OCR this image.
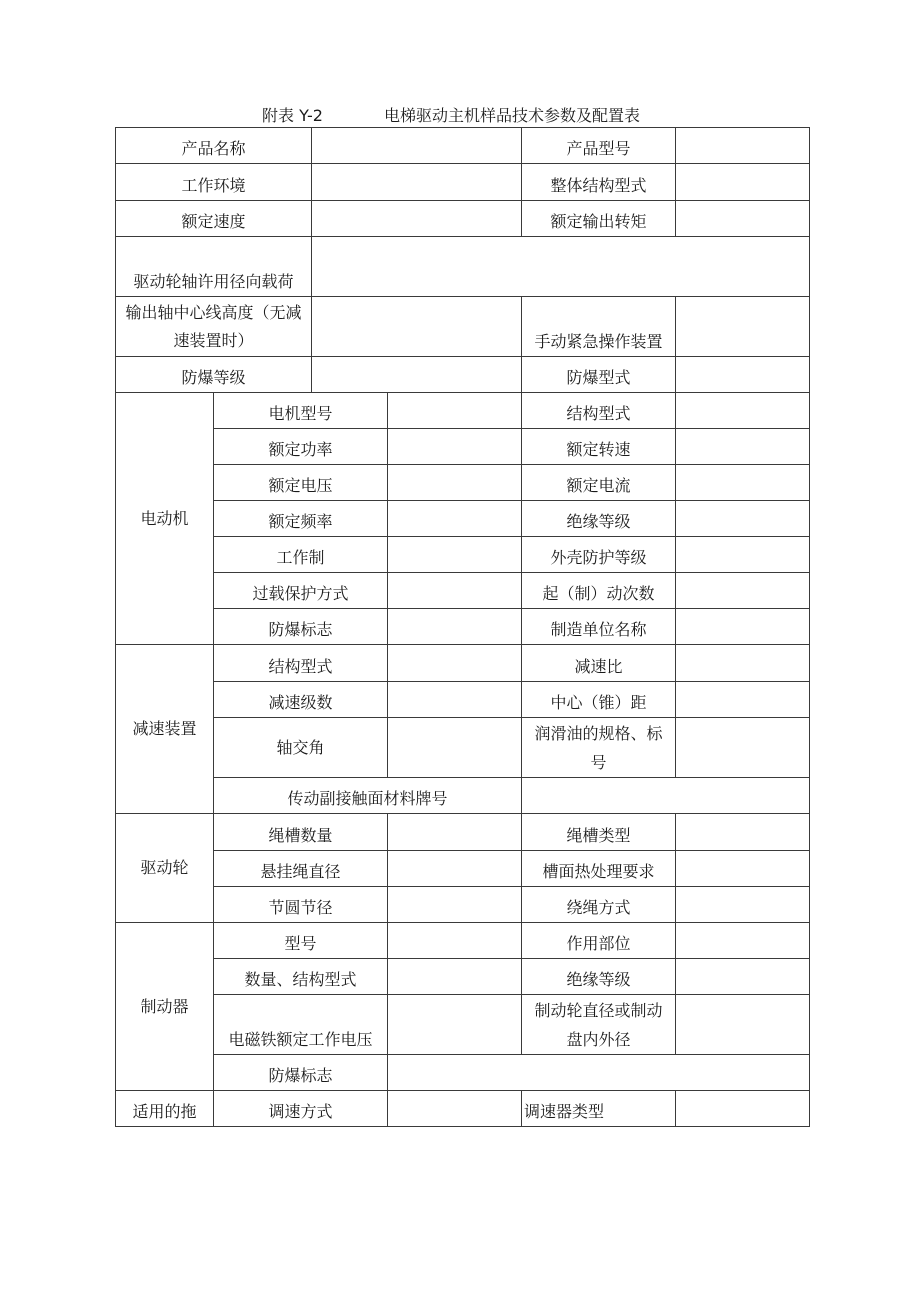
附表 Y-2	电梯驱动主机样品技术参数及配置表
产品名称				产品型号	
工作环境				整体结构型式	
额定速度				额定输出转矩	
驱动轮轴许用径向载荷					
输出轴中心线高度（无减速装置时）				手动紧急操作装置	
防爆等级				防爆型式	
电动机	电机型号			结构型式	
	额定功率			额定转速	
	额定电压			额定电流	
	额定频率			绝缘等级	
	工作制			外壳防护等级	
	过载保护方式			起（制）动次数	
	防爆标志			制造单位名称	
减速装置	结构型式			减速比	
	减速级数			中心（锥）距	
	轴交角			润滑油的规格、标号	
	传动副接触面材料牌号				
驱动轮	绳槽数量			绳槽类型	
	悬挂绳直径			槽面热处理要求	
	节圆节径			绕绳方式	
制动器	型号			作用部位	
	数量、结构型式			绝缘等级	
	电磁铁额定工作电压			制动轮直径或制动盘内外径	
	防爆标志				
适用的拖	调速方式			调速器类型	
